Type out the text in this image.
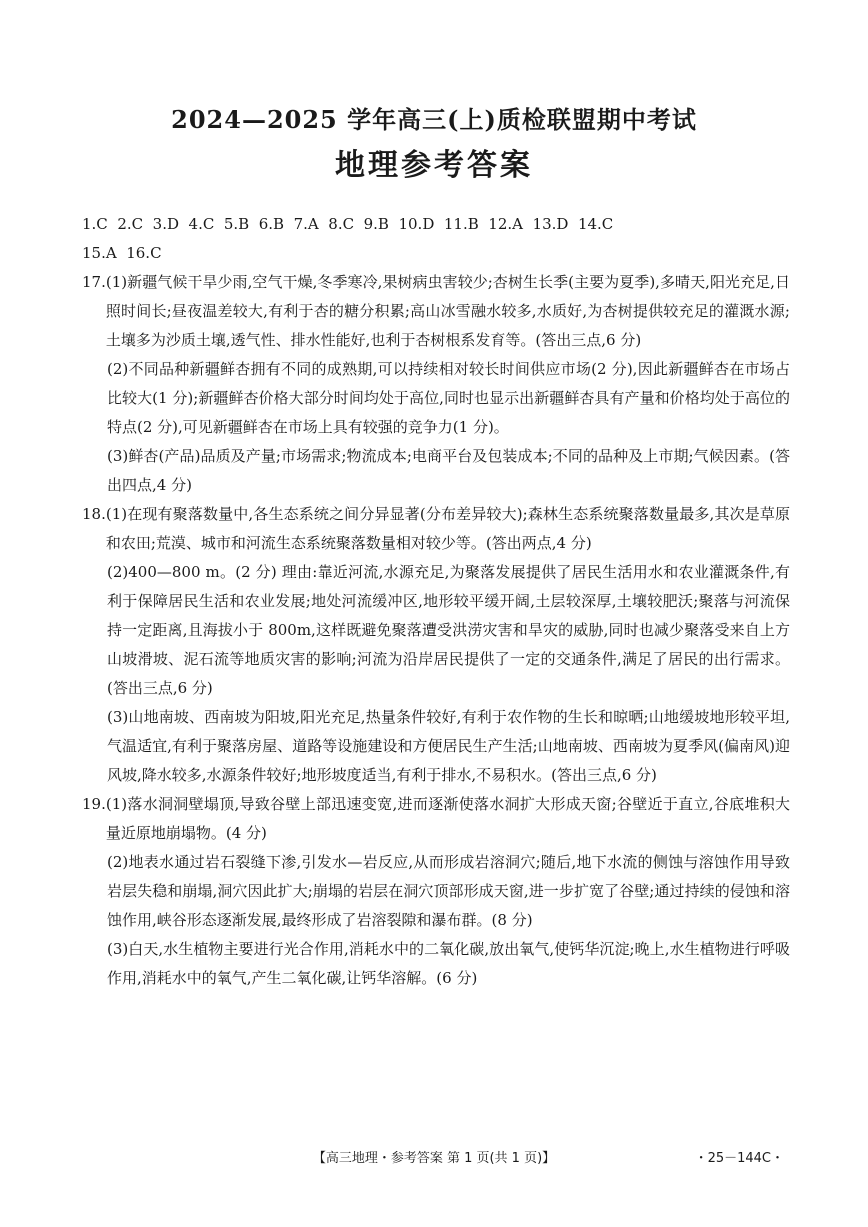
2024—2025 学年高三(上)质检联盟期中考试
地理参考答案

1.C  2.C  3.D  4.C  5.B  6.B  7.A  8.C  9.B  10.D  11.B  12.A  13.D  14.C

15.A  16.C

17. (1)新疆气候干旱少雨,空气干燥,冬季寒冷,果树病虫害较少;杏树生长季(主要为夏季),多晴天,阳光充足,日照时间长;昼夜温差较大,有利于杏的糖分积累;高山冰雪融水较多,水质好,为杏树提供较充足的灌溉水源;土壤多为沙质土壤,透气性、排水性能好,也利于杏树根系发育等。(答出三点,6 分)

(2)不同品种新疆鲜杏拥有不同的成熟期,可以持续相对较长时间供应市场(2 分),因此新疆鲜杏在市场占比较大(1 分);新疆鲜杏价格大部分时间均处于高位,同时也显示出新疆鲜杏具有产量和价格均处于高位的特点(2 分),可见新疆鲜杏在市场上具有较强的竞争力(1 分)。

(3)鲜杏(产品)品质及产量;市场需求;物流成本;电商平台及包装成本;不同的品种及上市期;气候因素。(答出四点,4 分)

18. (1)在现有聚落数量中,各生态系统之间分异显著(分布差异较大);森林生态系统聚落数量最多,其次是草原和农田;荒漠、城市和河流生态系统聚落数量相对较少等。(答出两点,4 分)

(2)400—800 m。(2 分) 理由:靠近河流,水源充足,为聚落发展提供了居民生活用水和农业灌溉条件,有利于保障居民生活和农业发展;地处河流缓冲区,地形较平缓开阔,土层较深厚,土壤较肥沃;聚落与河流保持一定距离,且海拔小于 800m,这样既避免聚落遭受洪涝灾害和旱灾的威胁,同时也减少聚落受来自上方山坡滑坡、泥石流等地质灾害的影响;河流为沿岸居民提供了一定的交通条件,满足了居民的出行需求。(答出三点,6 分)

(3)山地南坡、西南坡为阳坡,阳光充足,热量条件较好,有利于农作物的生长和晾晒;山地缓坡地形较平坦,气温适宜,有利于聚落房屋、道路等设施建设和方便居民生产生活;山地南坡、西南坡为夏季风(偏南风)迎风坡,降水较多,水源条件较好;地形坡度适当,有利于排水,不易积水。(答出三点,6 分)

19. (1)落水洞洞壁塌顶,导致谷壁上部迅速变宽,进而逐渐使落水洞扩大形成天窗;谷壁近于直立,谷底堆积大量近原地崩塌物。(4 分)

(2)地表水通过岩石裂缝下渗,引发水—岩反应,从而形成岩溶洞穴;随后,地下水流的侧蚀与溶蚀作用导致岩层失稳和崩塌,洞穴因此扩大;崩塌的岩层在洞穴顶部形成天窗,进一步扩宽了谷壁;通过持续的侵蚀和溶蚀作用,峡谷形态逐渐发展,最终形成了岩溶裂隙和瀑布群。(8 分)

(3)白天,水生植物主要进行光合作用,消耗水中的二氧化碳,放出氧气,使钙华沉淀;晚上,水生植物进行呼吸作用,消耗水中的氧气,产生二氧化碳,让钙华溶解。(6 分)

【高三地理・参考答案 第 1 页(共 1 页)】	・25－144C・
